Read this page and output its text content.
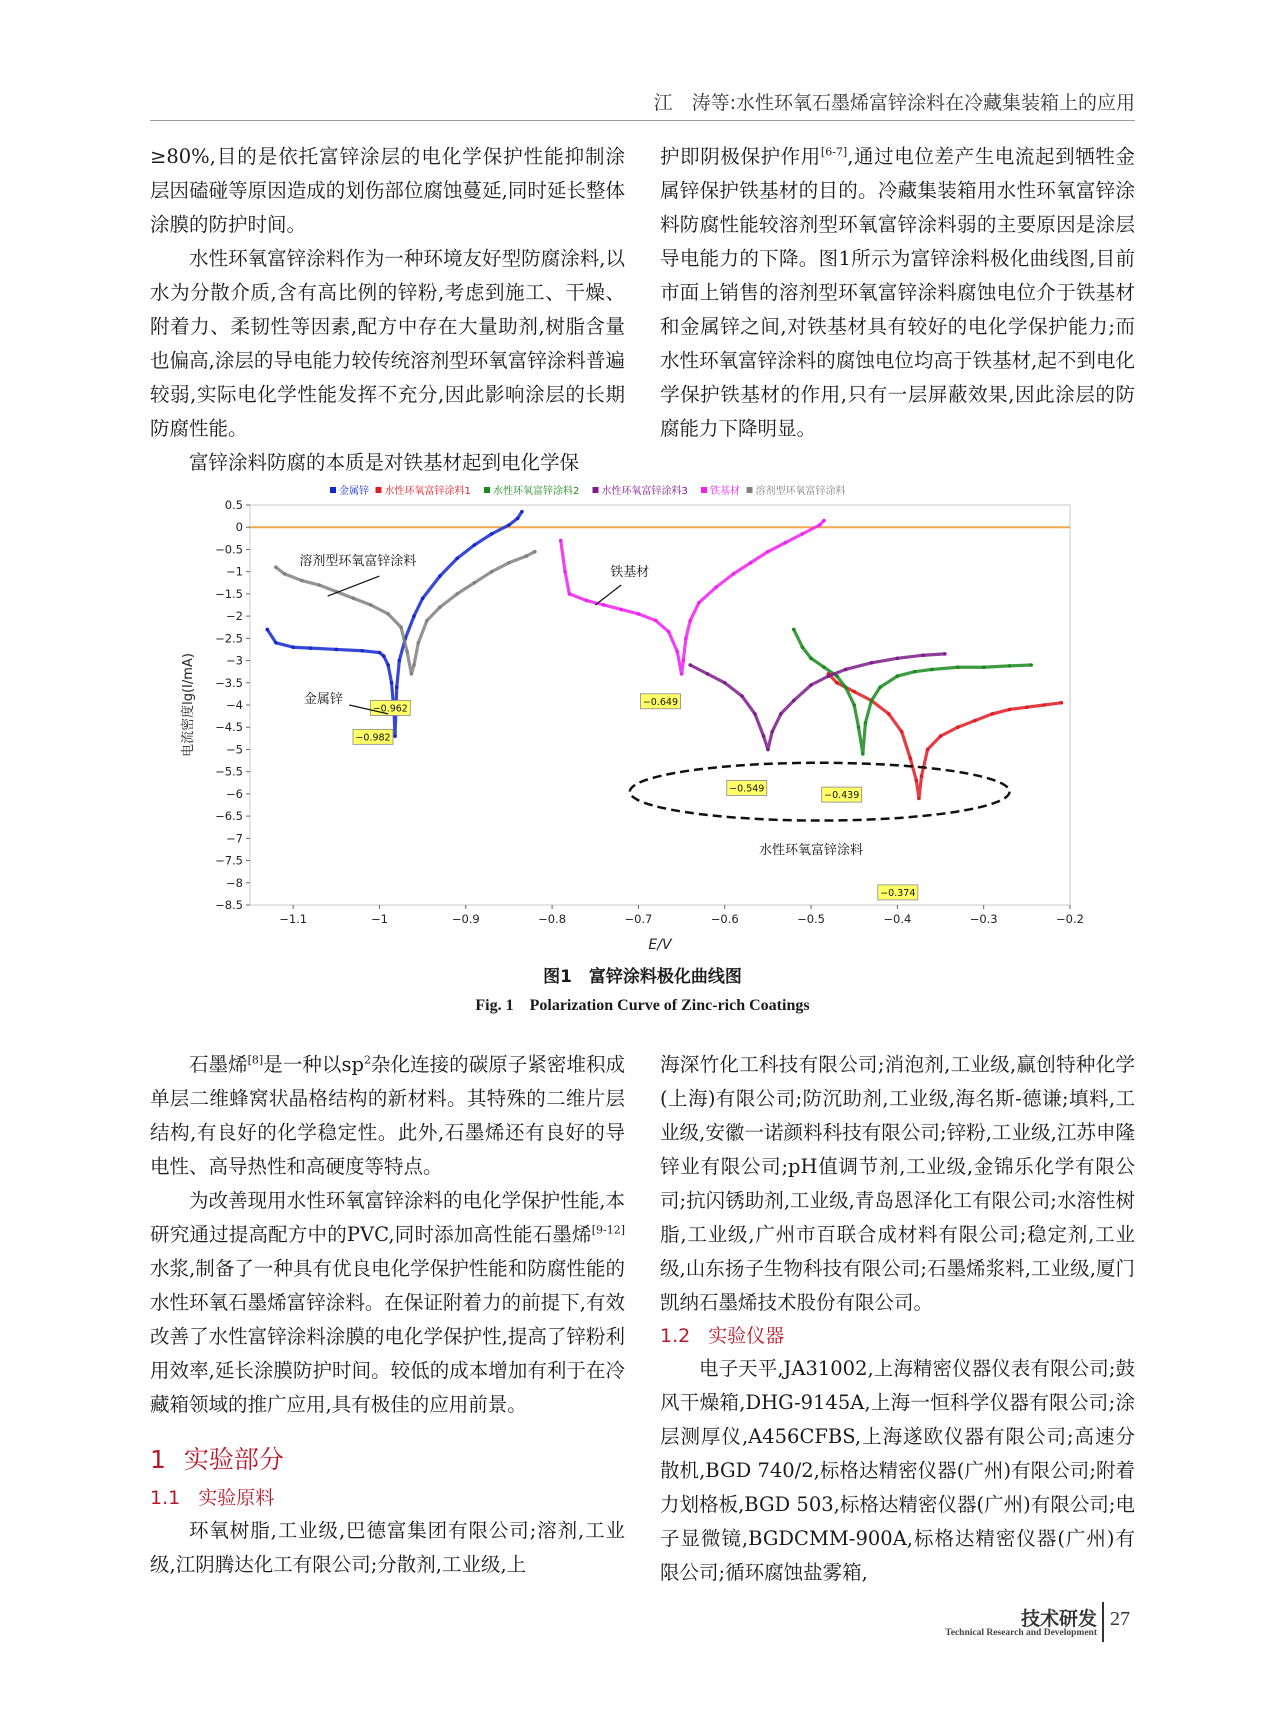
江　涛等:水性环氧石墨烯富锌涂料在冷藏集装箱上的应用

≥80%,目的是依托富锌涂层的电化学保护性能抑制涂层因磕碰等原因造成的划伤部位腐蚀蔓延,同时延长整体涂膜的防护时间。

水性环氧富锌涂料作为一种环境友好型防腐涂料,以水为分散介质,含有高比例的锌粉,考虑到施工、干燥、附着力、柔韧性等因素,配方中存在大量助剂,树脂含量也偏高,涂层的导电能力较传统溶剂型环氧富锌涂料普遍较弱,实际电化学性能发挥不充分,因此影响涂层的长期防腐性能。

富锌涂料防腐的本质是对铁基材起到电化学保

护即阴极保护作用[6-7],通过电位差产生电流起到牺牲金属锌保护铁基材的目的。冷藏集装箱用水性环氧富锌涂料防腐性能较溶剂型环氧富锌涂料弱的主要原因是涂层导电能力的下降。图1所示为富锌涂料极化曲线图,目前市面上销售的溶剂型环氧富锌涂料腐蚀电位介于铁基材和金属锌之间,对铁基材具有较好的电化学保护能力;而水性环氧富锌涂料的腐蚀电位均高于铁基材,起不到电化学保护铁基材的作用,只有一层屏蔽效果,因此涂层的防腐能力下降明显。

0.5
0
−0.5
−1
−1.5
−2
−2.5
−3
−3.5
−4
−4.5
−5
−5.5
−6
−6.5
−7
−7.5
−8
−8.5
−1.1	−1	−0.9	−0.8	−0.7	−0.6	−0.5	−0.4	−0.3	−0.2
E/V
电流密度lg(I/mA)
金属锌 水性环氧富锌涂料1 水性环氧富锌涂料2 水性环氧富锌涂料3 铁基材 溶剂型环氧富锌涂料
−0.982
−0.374
−0.439
−0.549
−0.649
−0.962
溶剂型环氧富锌涂料
铁基材
金属锌
水性环氧富锌涂料
图1　富锌涂料极化曲线图
Fig. 1　Polarization Curve of Zinc-rich Coatings

石墨烯[8]是一种以$sp^2$杂化连接的碳原子紧密堆积成单层二维蜂窝状晶格结构的新材料。其特殊的二维片层结构,有良好的化学稳定性。此外,石墨烯还有良好的导电性、高导热性和高硬度等特点。

为改善现用水性环氧富锌涂料的电化学保护性能,本研究通过提高配方中的PVC,同时添加高性能石墨烯[9-12]水浆,制备了一种具有优良电化学保护性能和防腐性能的水性环氧石墨烯富锌涂料。在保证附着力的前提下,有效改善了水性富锌涂料涂膜的电化学保护性,提高了锌粉利用效率,延长涂膜防护时间。较低的成本增加有利于在冷藏箱领域的推广应用,具有极佳的应用前景。

1 实验部分
1.1 实验原料

环氧树脂,工业级,巴德富集团有限公司;溶剂,工业级,江阴腾达化工有限公司;分散剂,工业级,上

海深竹化工科技有限公司;消泡剂,工业级,赢创特种化学(上海)有限公司;防沉助剂,工业级,海名斯-德谦;填料,工业级,安徽一诺颜料科技有限公司;锌粉,工业级,江苏申隆锌业有限公司;pH值调节剂,工业级,金锦乐化学有限公司;抗闪锈助剂,工业级,青岛恩泽化工有限公司;水溶性树脂,工业级,广州市百联合成材料有限公司;稳定剂,工业级,山东扬子生物科技有限公司;石墨烯浆料,工业级,厦门凯纳石墨烯技术股份有限公司。

1.2 实验仪器

电子天平,JA31002,上海精密仪器仪表有限公司;鼓风干燥箱,DHG-9145A,上海一恒科学仪器有限公司;涂层测厚仪,A456CFBS,上海遂欧仪器有限公司;高速分散机,BGD 740/2,标格达精密仪器(广州)有限公司;附着力划格板,BGD 503,标格达精密仪器(广州)有限公司;电子显微镜,BGDCMM-900A,标格达精密仪器(广州)有限公司;循环腐蚀盐雾箱,

技术研发
Technical Research and Development
27
